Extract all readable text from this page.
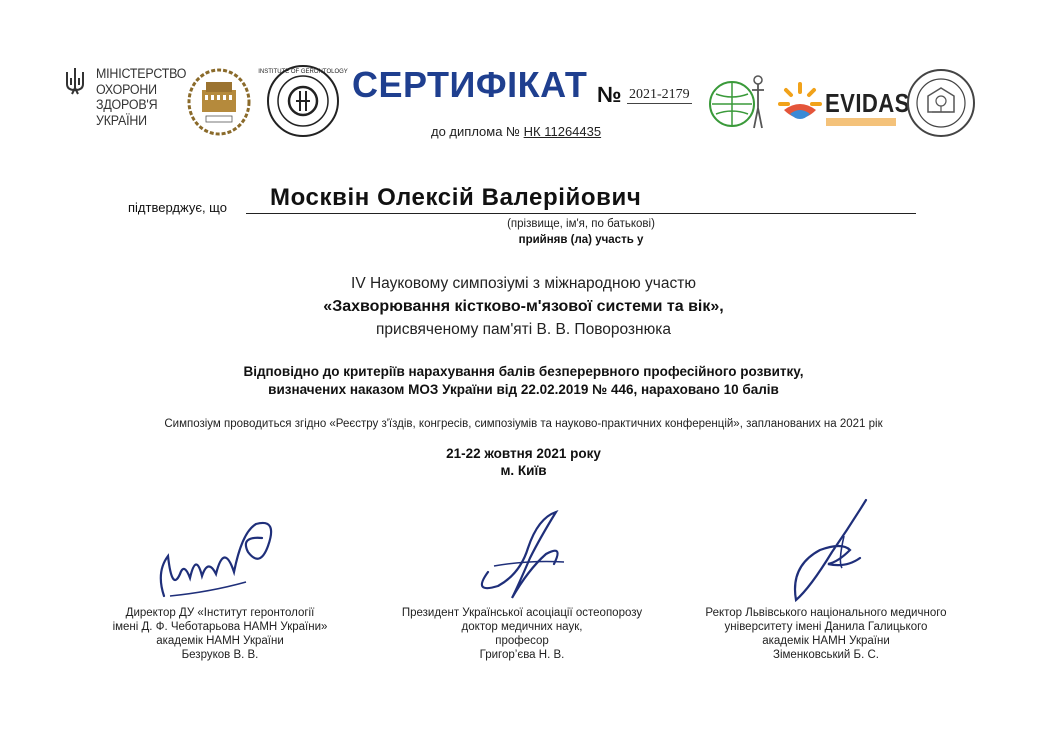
МІНІСТЕРСТВО
ОХОРОНИ
ЗДОРОВ'Я
УКРАЇНИ
INSTITUTE OF GERONTOLOGY СЕРТИФІКАТ № 2021-2179
до диплома № НК 11264435
EVIDAS
підтверджує, що Москвін Олексій Валерійович
(прізвище, ім'я, по батькові)
прийняв (ла) участь у
IV Науковому симпозіумі з міжнародною участю
«Захворювання кістково-м'язової системи та вік»,
присвяченому пам'яті В. В. Поворознюка
Відповідно до критеріїв нарахування балів безперервного професійного розвитку,
визначених наказом МОЗ України від 22.02.2019 № 446, нараховано 10 балів
Симпозіум проводиться згідно «Реєстру з'їздів, конгресів, симпозіумів та науково-практичних конференцій», запланованих на 2021 рік
21-22 жовтня 2021 року
м. Київ
Директор ДУ «Інститут геронтології
імені Д. Ф. Чеботарьова НАМН України»
академік НАМН України
Безруков В. В.
Президент Української асоціації остеопорозу
доктор медичних наук,
професор
Григор’єва Н. В.
Ректор Львівського національного медичного
університету імені Данила Галицького
академік НАМН України
Зіменковський Б. С.
